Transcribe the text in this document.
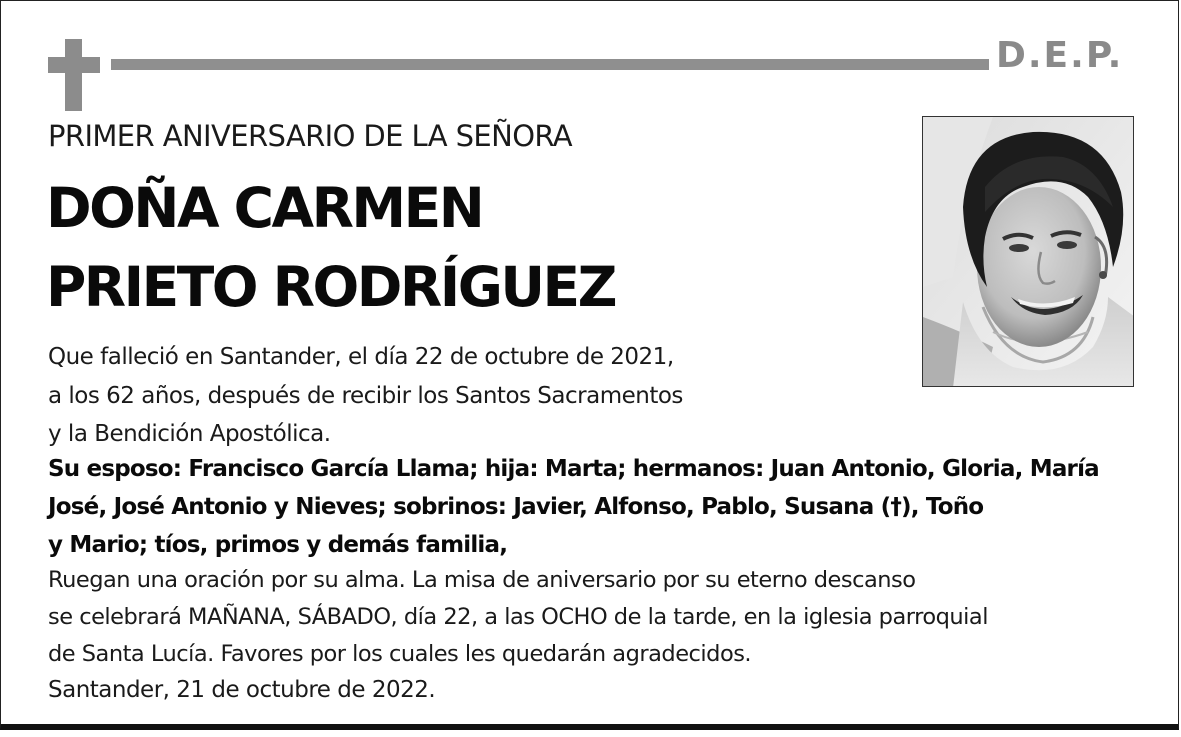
D.E.P.
PRIMER ANIVERSARIO DE LA SEÑORA
DOÑA CARMEN
PRIETO RODRÍGUEZ
Que falleció en Santander, el día 22 de octubre de 2021,
a los 62 años, después de recibir los Santos Sacramentos
y la Bendición Apostólica.
Su esposo: Francisco García Llama; hija: Marta; hermanos: Juan Antonio, Gloria, María
José, José Antonio y Nieves; sobrinos: Javier, Alfonso, Pablo, Susana (†), Toño
y Mario; tíos, primos y demás familia,
Ruegan una oración por su alma. La misa de aniversario por su eterno descanso
se celebrará MAÑANA, SÁBADO, día 22, a las OCHO de la tarde, en la iglesia parroquial
de Santa Lucía. Favores por los cuales les quedarán agradecidos.
Santander, 21 de octubre de 2022.
